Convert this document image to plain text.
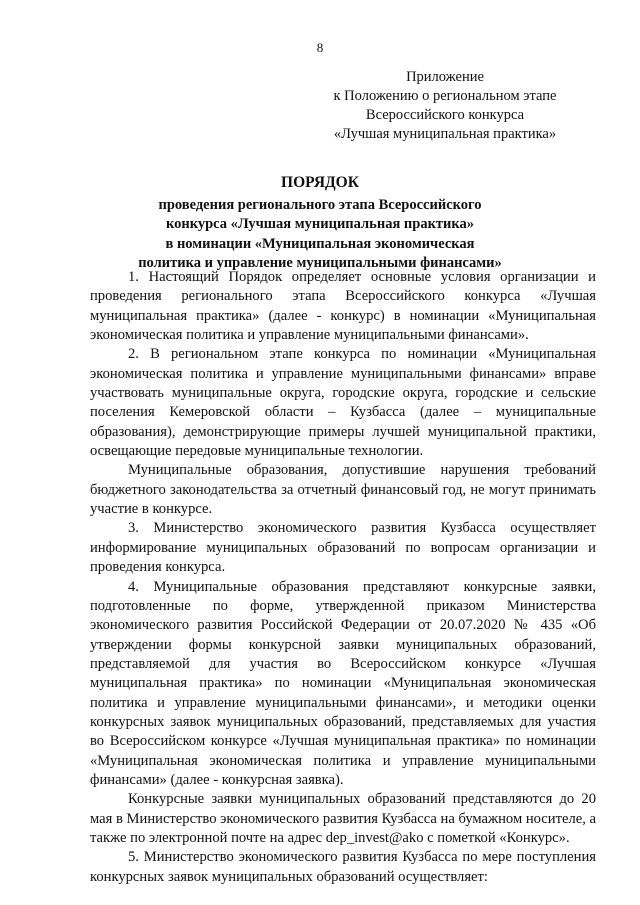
8
Приложение
к Положению о региональном этапе
Всероссийского конкурса
«Лучшая муниципальная практика»
ПОРЯДОК
проведения регионального этапа Всероссийского
конкурса «Лучшая муниципальная практика»
в номинации «Муниципальная экономическая
политика и управление муниципальными финансами»

1. Настоящий Порядок определяет основные условия организации и проведения регионального этапа Всероссийского конкурса «Лучшая муниципальная практика» (далее - конкурс) в номинации «Муниципальная экономическая политика и управление муниципальными финансами».

2. В региональном этапе конкурса по номинации «Муниципальная экономическая политика и управление муниципальными финансами» вправе участвовать муниципальные округа, городские округа, городские и сельские поселения Кемеровской области – Кузбасса (далее – муниципальные образования), демонстрирующие примеры лучшей муниципальной практики, освещающие передовые муниципальные технологии.

Муниципальные образования, допустившие нарушения требований бюджетного законодательства за отчетный финансовый год, не могут принимать участие в конкурсе.

3. Министерство экономического развития Кузбасса осуществляет информирование муниципальных образований по вопросам организации и проведения конкурса.

4. Муниципальные образования представляют конкурсные заявки, подготовленные по форме, утвержденной приказом Министерства экономического развития Российской Федерации от 20.07.2020 № 435 «Об утверждении формы конкурсной заявки муниципальных образований, представляемой для участия во Всероссийском конкурсе «Лучшая муниципальная практика» по номинации «Муниципальная экономическая политика и управление муниципальными финансами», и методики оценки конкурсных заявок муниципальных образований, представляемых для участия во Всероссийском конкурсе «Лучшая муниципальная практика» по номинации «Муниципальная экономическая политика и управление муниципальными финансами» (далее - конкурсная заявка).

Конкурсные заявки муниципальных образований представляются до 20 мая в Министерство экономического развития Кузбасса на бумажном носителе, а также по электронной почте на адрес dep_invest@ako с пометкой «Конкурс».

5. Министерство экономического развития Кузбасса по мере поступления конкурсных заявок муниципальных образований осуществляет:
